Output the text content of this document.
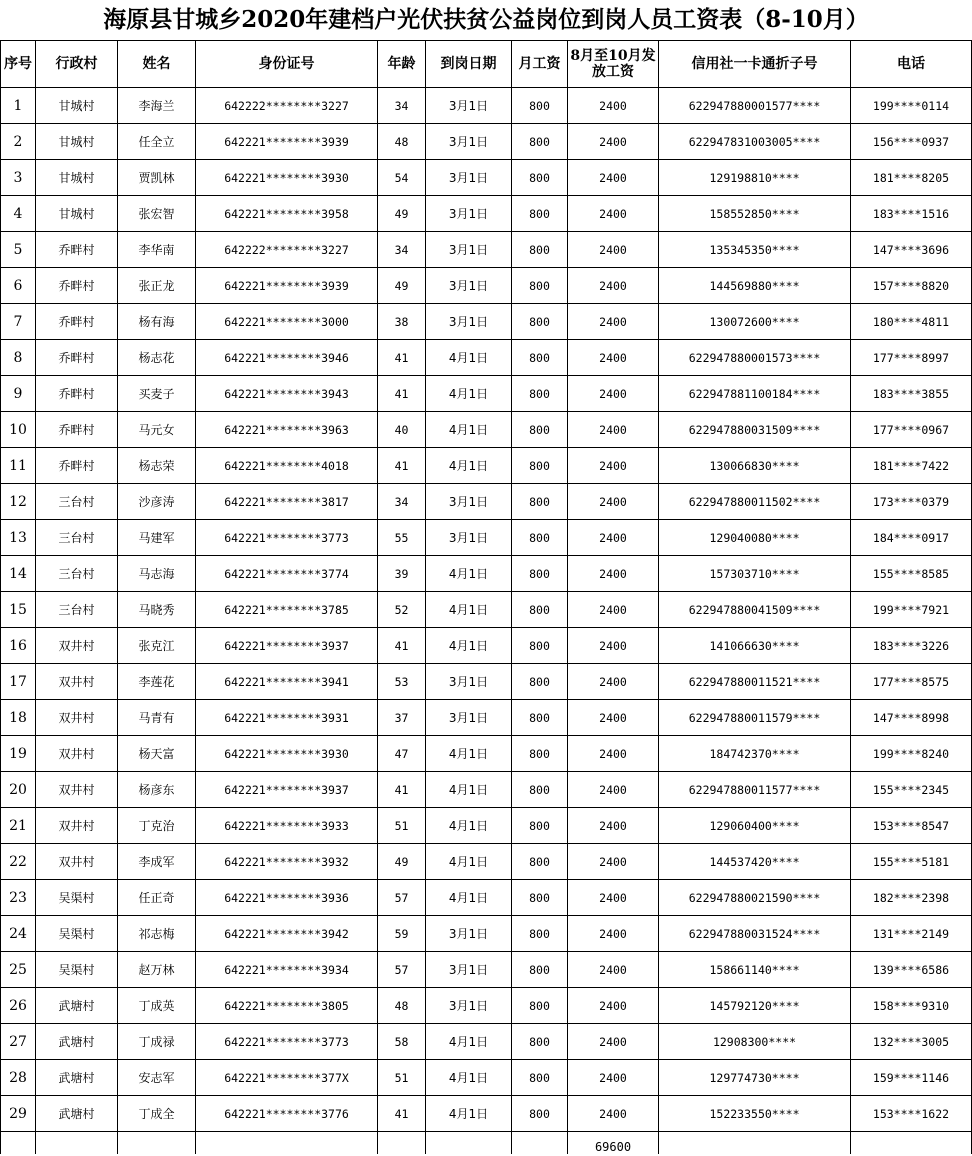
海原县甘城乡2020年建档户光伏扶贫公益岗位到岗人员工资表（8-10月）
序号	行政村	姓名	身份证号	年龄	到岗日期	月工资	8月至10月发放工资	信用社一卡通折子号	电话
1	甘城村	李海兰	642222********3227	34	3月1日	800	2400	622947880001577****	199****0114
2	甘城村	任全立	642221********3939	48	3月1日	800	2400	622947831003005****	156****0937
3	甘城村	贾凯林	642221********3930	54	3月1日	800	2400	129198810****	181****8205
4	甘城村	张宏智	642221********3958	49	3月1日	800	2400	158552850****	183****1516
5	乔畔村	李华南	642222********3227	34	3月1日	800	2400	135345350****	147****3696
6	乔畔村	张正龙	642221********3939	49	3月1日	800	2400	144569880****	157****8820
7	乔畔村	杨有海	642221********3000	38	3月1日	800	2400	130072600****	180****4811
8	乔畔村	杨志花	642221********3946	41	4月1日	800	2400	622947880001573****	177****8997
9	乔畔村	买麦子	642221********3943	41	4月1日	800	2400	622947881100184****	183****3855
10	乔畔村	马元女	642221********3963	40	4月1日	800	2400	622947880031509****	177****0967
11	乔畔村	杨志荣	642221********4018	41	4月1日	800	2400	130066830****	181****7422
12	三台村	沙彦涛	642221********3817	34	3月1日	800	2400	622947880011502****	173****0379
13	三台村	马建军	642221********3773	55	3月1日	800	2400	129040080****	184****0917
14	三台村	马志海	642221********3774	39	4月1日	800	2400	157303710****	155****8585
15	三台村	马晓秀	642221********3785	52	4月1日	800	2400	622947880041509****	199****7921
16	双井村	张克江	642221********3937	41	4月1日	800	2400	141066630****	183****3226
17	双井村	李莲花	642221********3941	53	3月1日	800	2400	622947880011521****	177****8575
18	双井村	马青有	642221********3931	37	3月1日	800	2400	622947880011579****	147****8998
19	双井村	杨天富	642221********3930	47	4月1日	800	2400	184742370****	199****8240
20	双井村	杨彦东	642221********3937	41	4月1日	800	2400	622947880011577****	155****2345
21	双井村	丁克治	642221********3933	51	4月1日	800	2400	129060400****	153****8547
22	双井村	李成军	642221********3932	49	4月1日	800	2400	144537420****	155****5181
23	吴渠村	任正奇	642221********3936	57	4月1日	800	2400	622947880021590****	182****2398
24	吴渠村	祁志梅	642221********3942	59	3月1日	800	2400	622947880031524****	131****2149
25	吴渠村	赵万林	642221********3934	57	3月1日	800	2400	158661140****	139****6586
26	武塘村	丁成英	642221********3805	48	3月1日	800	2400	145792120****	158****9310
27	武塘村	丁成禄	642221********3773	58	4月1日	800	2400	12908300****	132****3005
28	武塘村	安志军	642221********377X	51	4月1日	800	2400	129774730****	159****1146
29	武塘村	丁成全	642221********3776	41	4月1日	800	2400	152233550****	153****1622
							69600		
